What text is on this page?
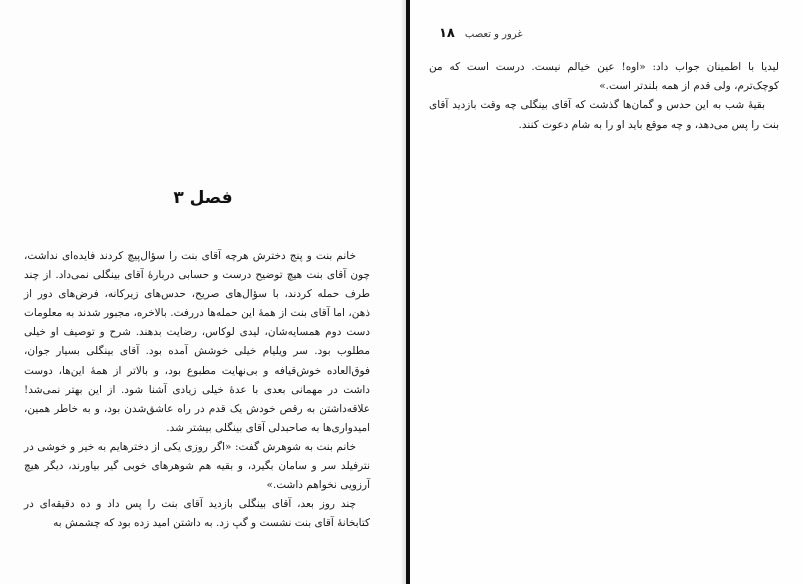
فصل ۳

خانم بنت و پنج دخترش هرچه آقای بنت را سؤال‌پیچ کردند فایده‌ای نداشت، چون آقای بنت هیچ توضیح درست و حسابی دربارهٔ آقای بینگلی نمی‌داد. از چند طرف حمله کردند، با سؤال‌های صریح، حدس‌های زیرکانه، فرض‌های دور از ذهن، اما آقای بنت از همهٔ این حمله‌ها دررفت. بالاخره، مجبور شدند به معلومات دست دوم همسایه‌شان، لیدی لوکاس، رضایت بدهند. شرح و توصیف او خیلی مطلوب بود. سر ویلیام خیلی خوشش آمده بود. آقای بینگلی بسیار جوان، فوق‌العاده خوش‌قیافه و بی‌نهایت مطبوع بود، و بالاتر از همهٔ این‌ها، دوست داشت در مهمانی بعدی با عدهٔ خیلی زیادی آشنا شود. از این بهتر نمی‌شد! علاقه‌داشتن به رقص خودش یک قدم در راه عاشق‌شدن بود، و به خاطر همین، امیدواری‌ها به صاحبدلی آقای بینگلی بیشتر شد.

خانم بنت به شوهرش گفت: «اگر روزی یکی از دخترهایم به خیر و خوشی در نترفیلد سر و سامان بگیرد، و بقیه هم شوهرهای خوبی گیر بیاورند، دیگر هیچ آرزویی نخواهم داشت.»

چند روز بعد، آقای بینگلی بازدید آقای بنت را پس داد و ده دقیقه‌ای در کتابخانهٔ آقای بنت نشست و گپ زد. به داشتن امید زده بود که چشمش به

۱۸ غرور و تعصب

لیدیا با اطمینان جواب داد: «اوه! عین خیالم نیست. درست است که من کوچک‌ترم، ولی قدم از همه بلندتر است.»

بقیهٔ شب به این حدس و گمان‌ها گذشت که آقای بینگلی چه وقت بازدید آقای بنت را پس می‌دهد، و چه موقع باید او را به شام دعوت کنند.
